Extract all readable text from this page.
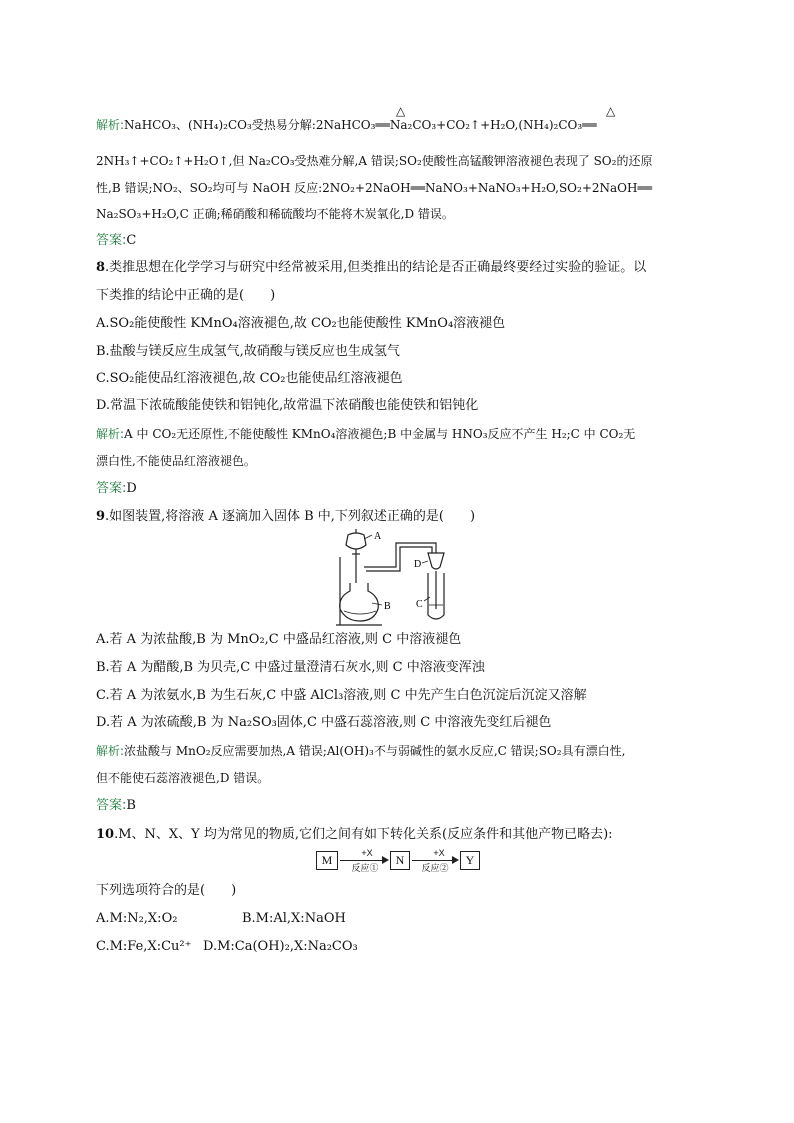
解析:NaHCO₃、(NH₄)₂CO₃受热易分解:2NaHCO₃══Na₂CO₃+CO₂↑+H₂O,(NH₄)₂CO₃══
△	△
2NH₃↑+CO₂↑+H₂O↑,但 Na₂CO₃受热难分解,A 错误;SO₂使酸性高锰酸钾溶液褪色表现了 SO₂的还原
性,B 错误;NO₂、SO₂均可与 NaOH 反应:2NO₂+2NaOH══NaNO₃+NaNO₃+H₂O,SO₂+2NaOH══
Na₂SO₃+H₂O,C 正确;稀硝酸和稀硫酸均不能将木炭氧化,D 错误。
答案:C
8.类推思想在化学学习与研究中经常被采用,但类推出的结论是否正确最终要经过实验的验证。以
下类推的结论中正确的是(　　)
A.SO₂能使酸性 KMnO₄溶液褪色,故 CO₂也能使酸性 KMnO₄溶液褪色
B.盐酸与镁反应生成氢气,故硝酸与镁反应也生成氢气
C.SO₂能使品红溶液褪色,故 CO₂也能使品红溶液褪色
D.常温下浓硫酸能使铁和铝钝化,故常温下浓硝酸也能使铁和铝钝化
解析:A 中 CO₂无还原性,不能使酸性 KMnO₄溶液褪色;B 中金属与 HNO₃反应不产生 H₂;C 中 CO₂无
漂白性,不能使品红溶液褪色。
答案:D
9.如图装置,将溶液 A 逐滴加入固体 B 中,下列叙述正确的是(　　)
A
B
D
C
A.若 A 为浓盐酸,B 为 MnO₂,C 中盛品红溶液,则 C 中溶液褪色
B.若 A 为醋酸,B 为贝壳,C 中盛过量澄清石灰水,则 C 中溶液变浑浊
C.若 A 为浓氨水,B 为生石灰,C 中盛 AlCl₃溶液,则 C 中先产生白色沉淀后沉淀又溶解
D.若 A 为浓硫酸,B 为 Na₂SO₃固体,C 中盛石蕊溶液,则 C 中溶液先变红后褪色
解析:浓盐酸与 MnO₂反应需要加热,A 错误;Al(OH)₃不与弱碱性的氨水反应,C 错误;SO₂具有漂白性,
但不能使石蕊溶液褪色,D 错误。
答案:B
10.M、N、X、Y 均为常见的物质,它们之间有如下转化关系(反应条件和其他产物已略去):
M	+X
反应①
N	+X
反应②
Y
下列选项符合的是(　　)
A.M:N₂,X:O₂	B.M:Al,X:NaOH
C.M:Fe,X:Cu²⁺ D.M:Ca(OH)₂,X:Na₂CO₃
